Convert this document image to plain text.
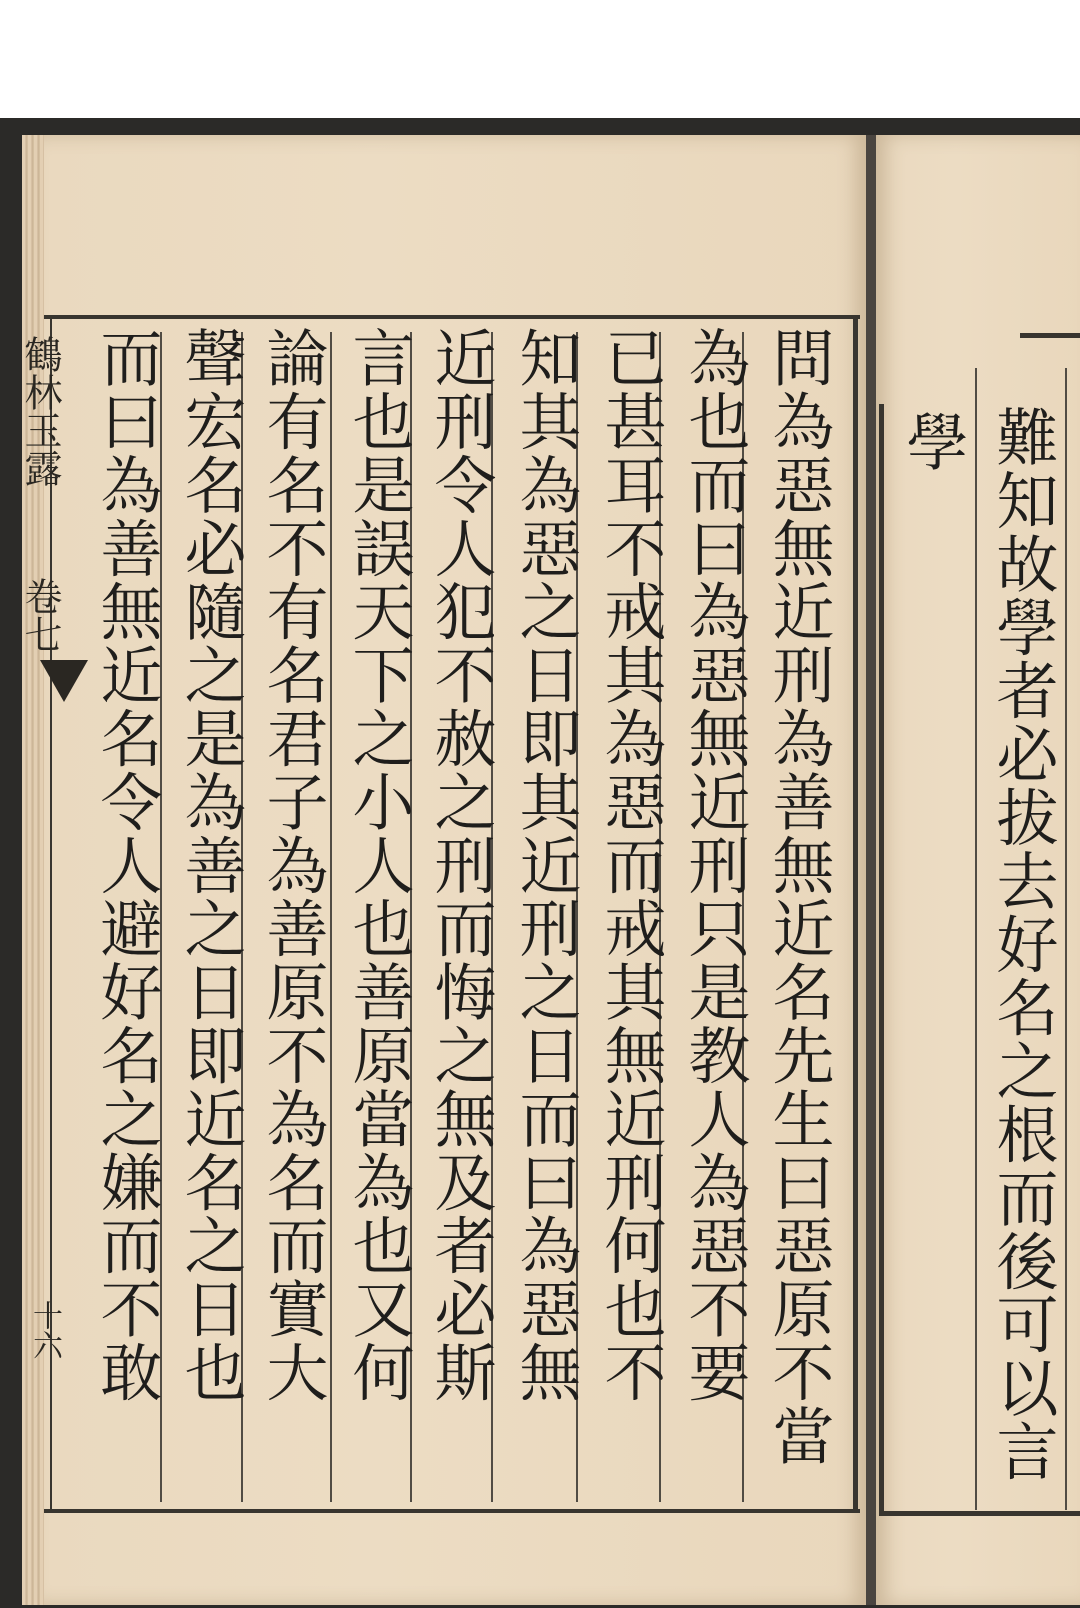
鶴林玉露卷七
十六	問為惡無近刑為善無近名先生曰惡原不當
為也而曰為惡無近刑只是教人為惡不要
已甚耳不戒其為惡而戒其無近刑何也不
知其為惡之日即其近刑之日而曰為惡無
近刑令人犯不赦之刑而悔之無及者必斯
言也是誤天下之小人也善原當為也又何
論有名不有名君子為善原不為名而實大
聲宏名必隨之是為善之日即近名之日也
而曰為善無近名令人避好名之嫌而不敢	難知故學者必拔去好名之根而後可以言
學
